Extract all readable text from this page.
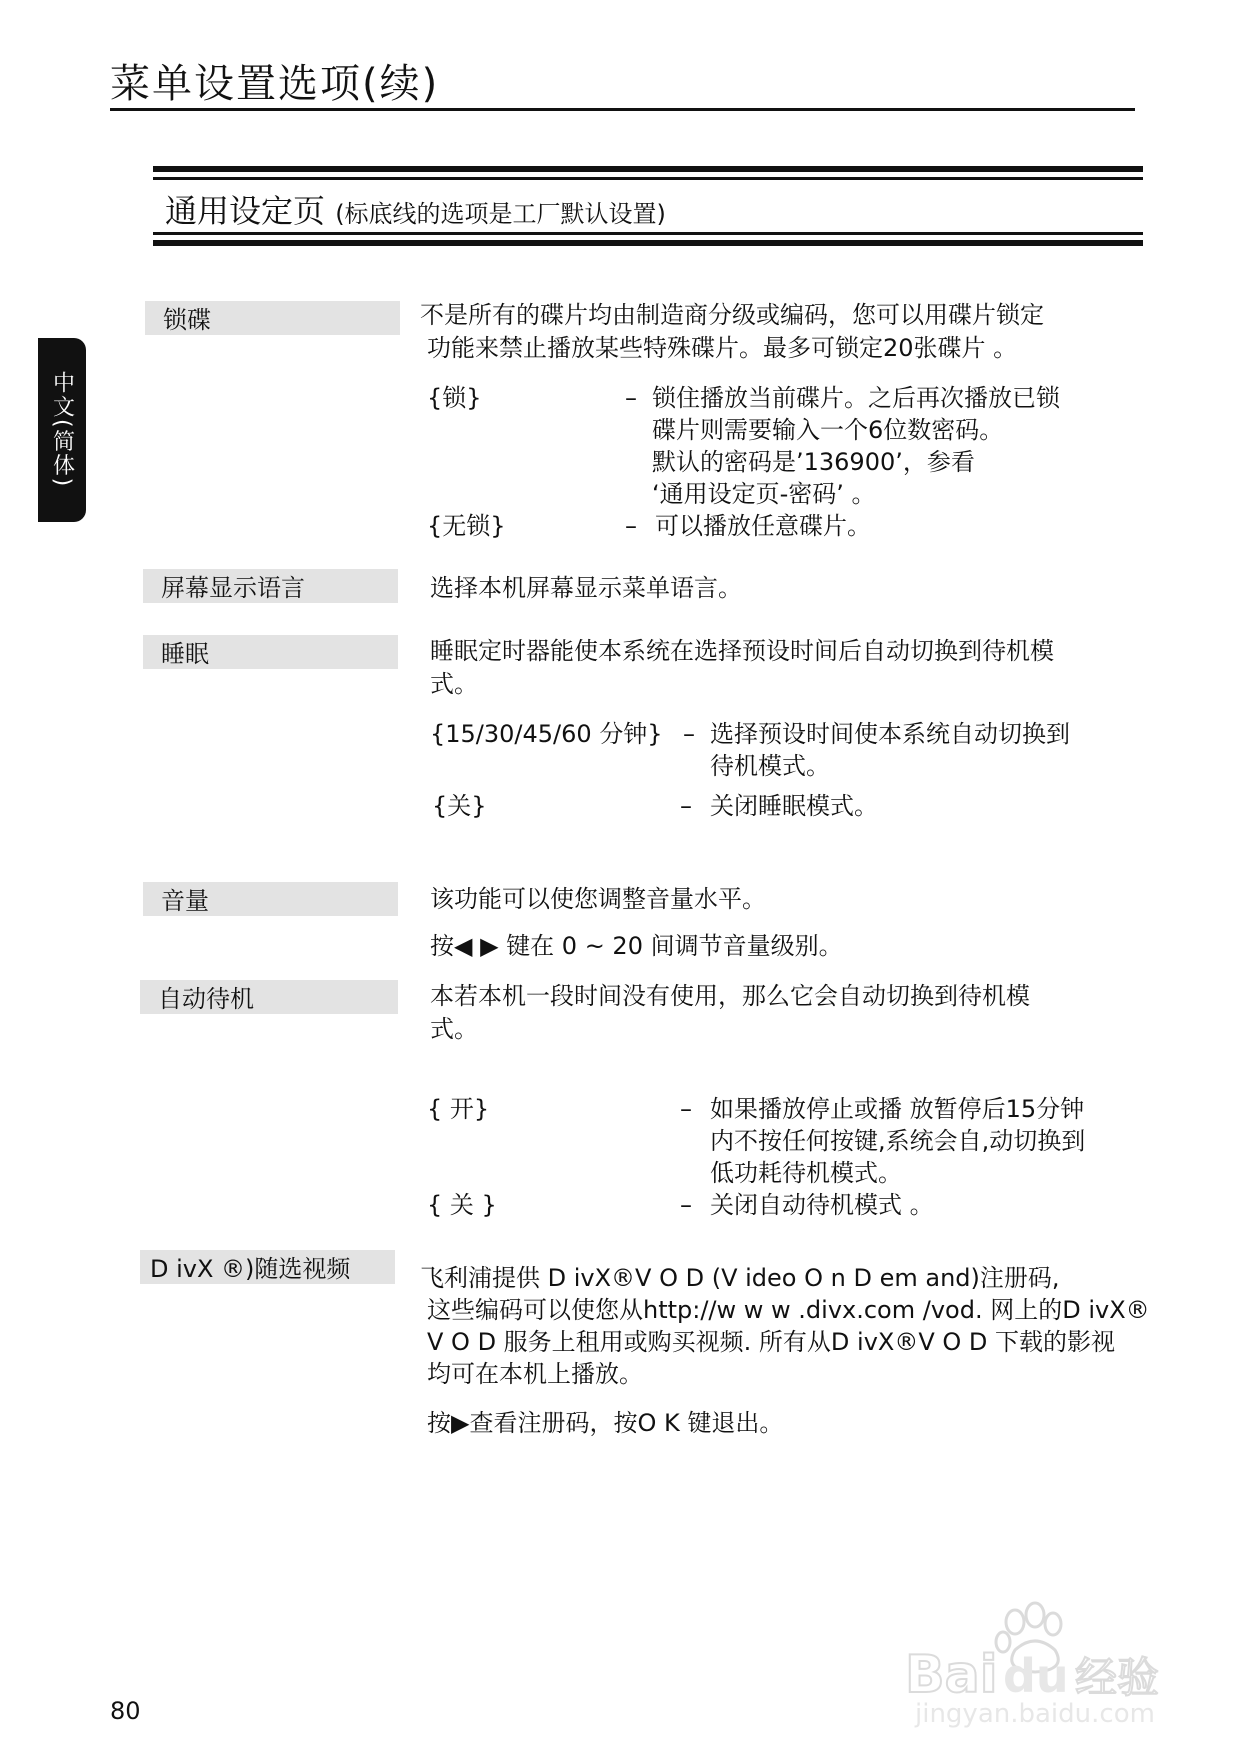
菜单设置选项(续)
中文(简体)
通用设定页 (标底线的选项是工厂默认设置)
锁碟	不是所有的碟片均由制造商分级或编码，您可以用碟片锁定
功能来禁止播放某些特殊碟片。最多可锁定20张碟片 。
{锁}	– 锁住播放当前碟片。之后再次播放已锁
碟片则需要输入一个6位数密码。
默认的密码是’136900’，参看
‘通用设定页-密码’ 。
{无锁}	– 可以播放任意碟片。
屏幕显示语言	选择本机屏幕显示菜单语言。
睡眠	睡眠定时器能使本系统在选择预设时间后自动切换到待机模
式。
{15/30/45/60 分钟} – 选择预设时间使本系统自动切换到
待机模式。
{关}	– 关闭睡眠模式。
音量	该功能可以使您调整音量水平。
按◀ ▶ 键在 0 ~ 20 间调节音量级别。
自动待机	本若本机一段时间没有使用，那么它会自动切换到待机模
式。
{ 开}	– 如果播放停止或播 放暂停后15分钟
内不按任何按键,系统会自,动切换到
低功耗待机模式。
{ 关 }	– 关闭自动待机模式 。
D ivX ®)随选视频	飞利浦提供 D ivX®V O D (V ideo O n D em and)注册码,
这些编码可以使您从http://w w w .divx.com /vod. 网上的D ivX®
V O D 服务上租用或购买视频. 所有从D ivX®V O D 下载的影视
均可在本机上播放。
按▶查看注册码，按O K 键退出。
80
Bai du 经验
jingyan.baidu.com
